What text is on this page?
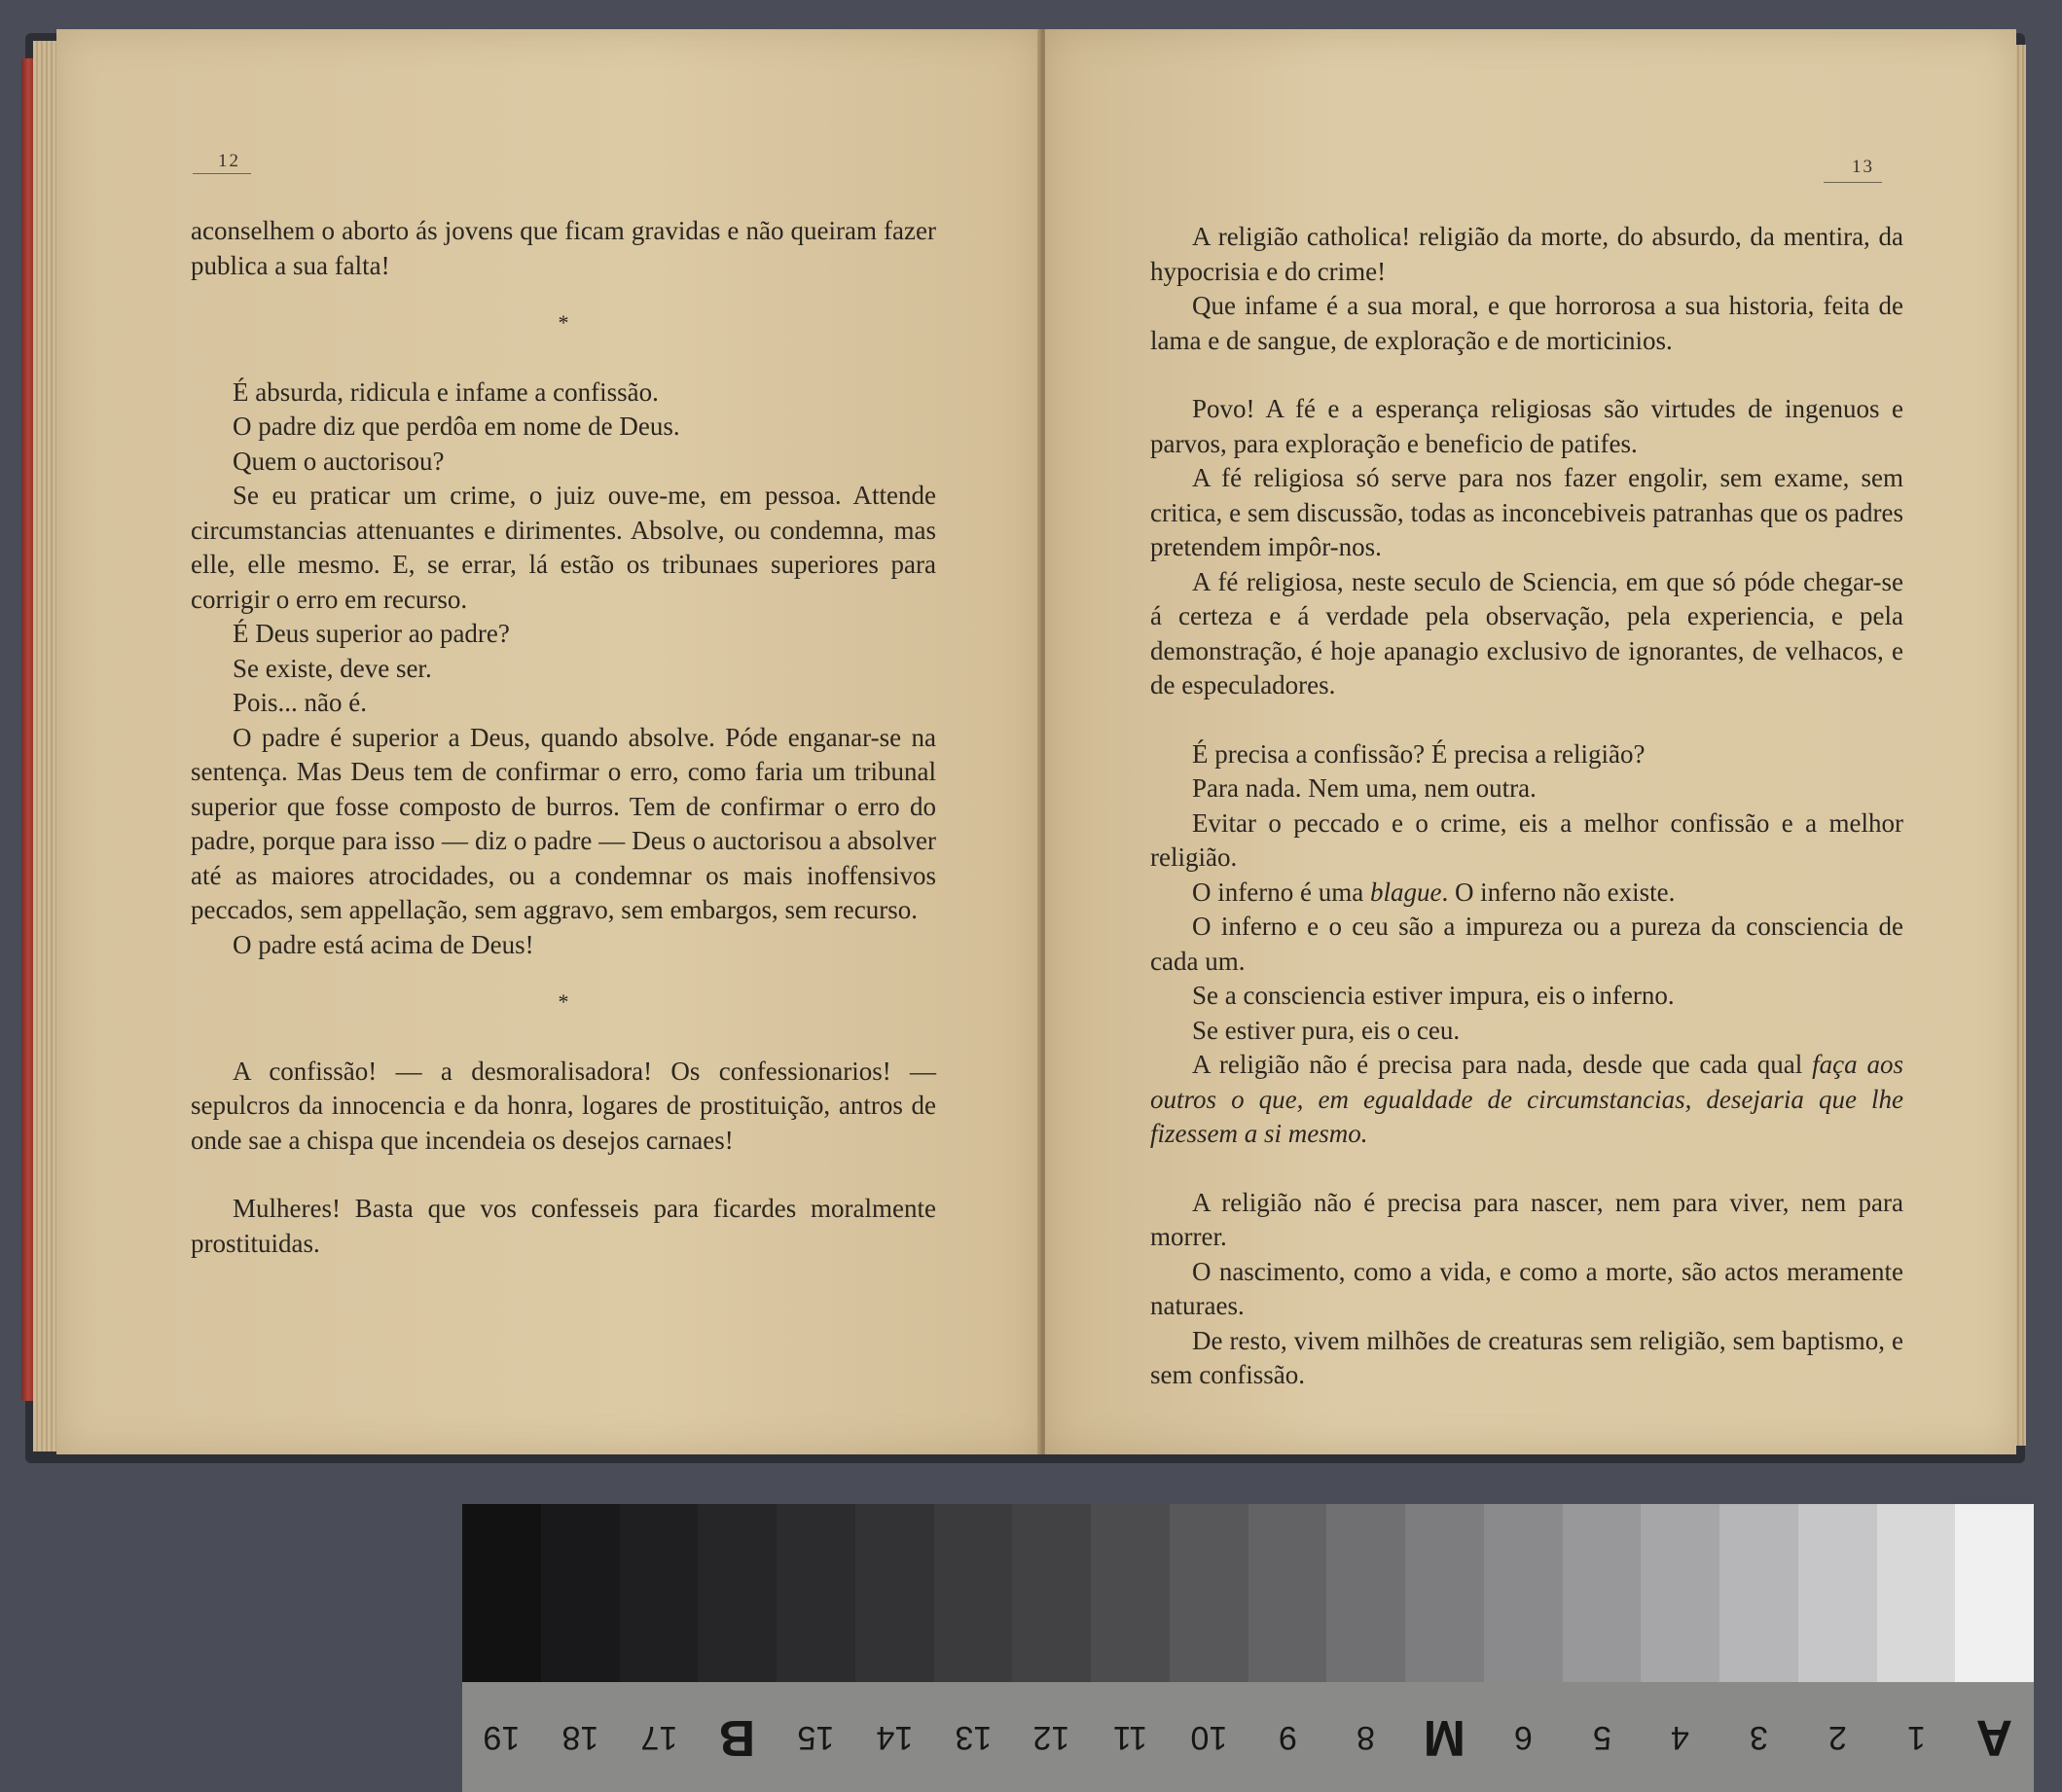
12

aconselhem o aborto ás jovens que ficam gravidas e não queiram fazer publica a sua falta!

*

É absurda, ridicula e infame a confissão.

O padre diz que perdôa em nome de Deus.

Quem o auctorisou?

Se eu praticar um crime, o juiz ouve-me, em pessoa. Attende circumstancias attenuantes e dirimentes. Absolve, ou condemna, mas elle, elle mesmo. E, se errar, lá estão os tribunaes superiores para corrigir o erro em recurso.

É Deus superior ao padre?

Se existe, deve ser.

Pois... não é.

O padre é superior a Deus, quando absolve. Póde enganar-se na sentença. Mas Deus tem de confirmar o erro, como faria um tribunal superior que fosse composto de burros. Tem de confirmar o erro do padre, porque para isso — diz o padre — Deus o auctorisou a absolver até as maiores atrocidades, ou a condemnar os mais inoffensivos peccados, sem appellação, sem aggravo, sem embargos, sem recurso.

O padre está acima de Deus!

*

A confissão! — a desmoralisadora! Os confessionarios! — sepulcros da innocencia e da honra, logares de prostituição, antros de onde sae a chispa que incendeia os desejos carnaes!

Mulheres! Basta que vos confesseis para ficardes moralmente prostituidas.

13

A religião catholica! religião da morte, do absurdo, da mentira, da hypocrisia e do crime!

Que infame é a sua moral, e que horrorosa a sua historia, feita de lama e de sangue, de exploração e de morticinios.

Povo! A fé e a esperança religiosas são virtudes de ingenuos e parvos, para exploração e beneficio de patifes.

A fé religiosa só serve para nos fazer engolir, sem exame, sem critica, e sem discussão, todas as inconcebiveis patranhas que os padres pretendem impôr-nos.

A fé religiosa, neste seculo de Sciencia, em que só póde chegar-se á certeza e á verdade pela observação, pela experiencia, e pela demonstração, é hoje apanagio exclusivo de ignorantes, de velhacos, e de especuladores.

É precisa a confissão? É precisa a religião?

Para nada. Nem uma, nem outra.

Evitar o peccado e o crime, eis a melhor confissão e a melhor religião.

O inferno é uma blague. O inferno não existe.

O inferno e o ceu são a impureza ou a pureza da consciencia de cada um.

Se a consciencia estiver impura, eis o inferno.

Se estiver pura, eis o ceu.

A religião não é precisa para nada, desde que cada qual faça aos outros o que, em egualdade de circumstancias, desejaria que lhe fizessem a si mesmo.

A religião não é precisa para nascer, nem para viver, nem para morrer.

O nascimento, como a vida, e como a morte, são actos meramente naturaes.

De resto, vivem milhões de creaturas sem religião, sem baptismo, e sem confissão.

19	18	17 B	15	14	13	12	11	10	9	8 M	6	5	4	3	2	1	A
